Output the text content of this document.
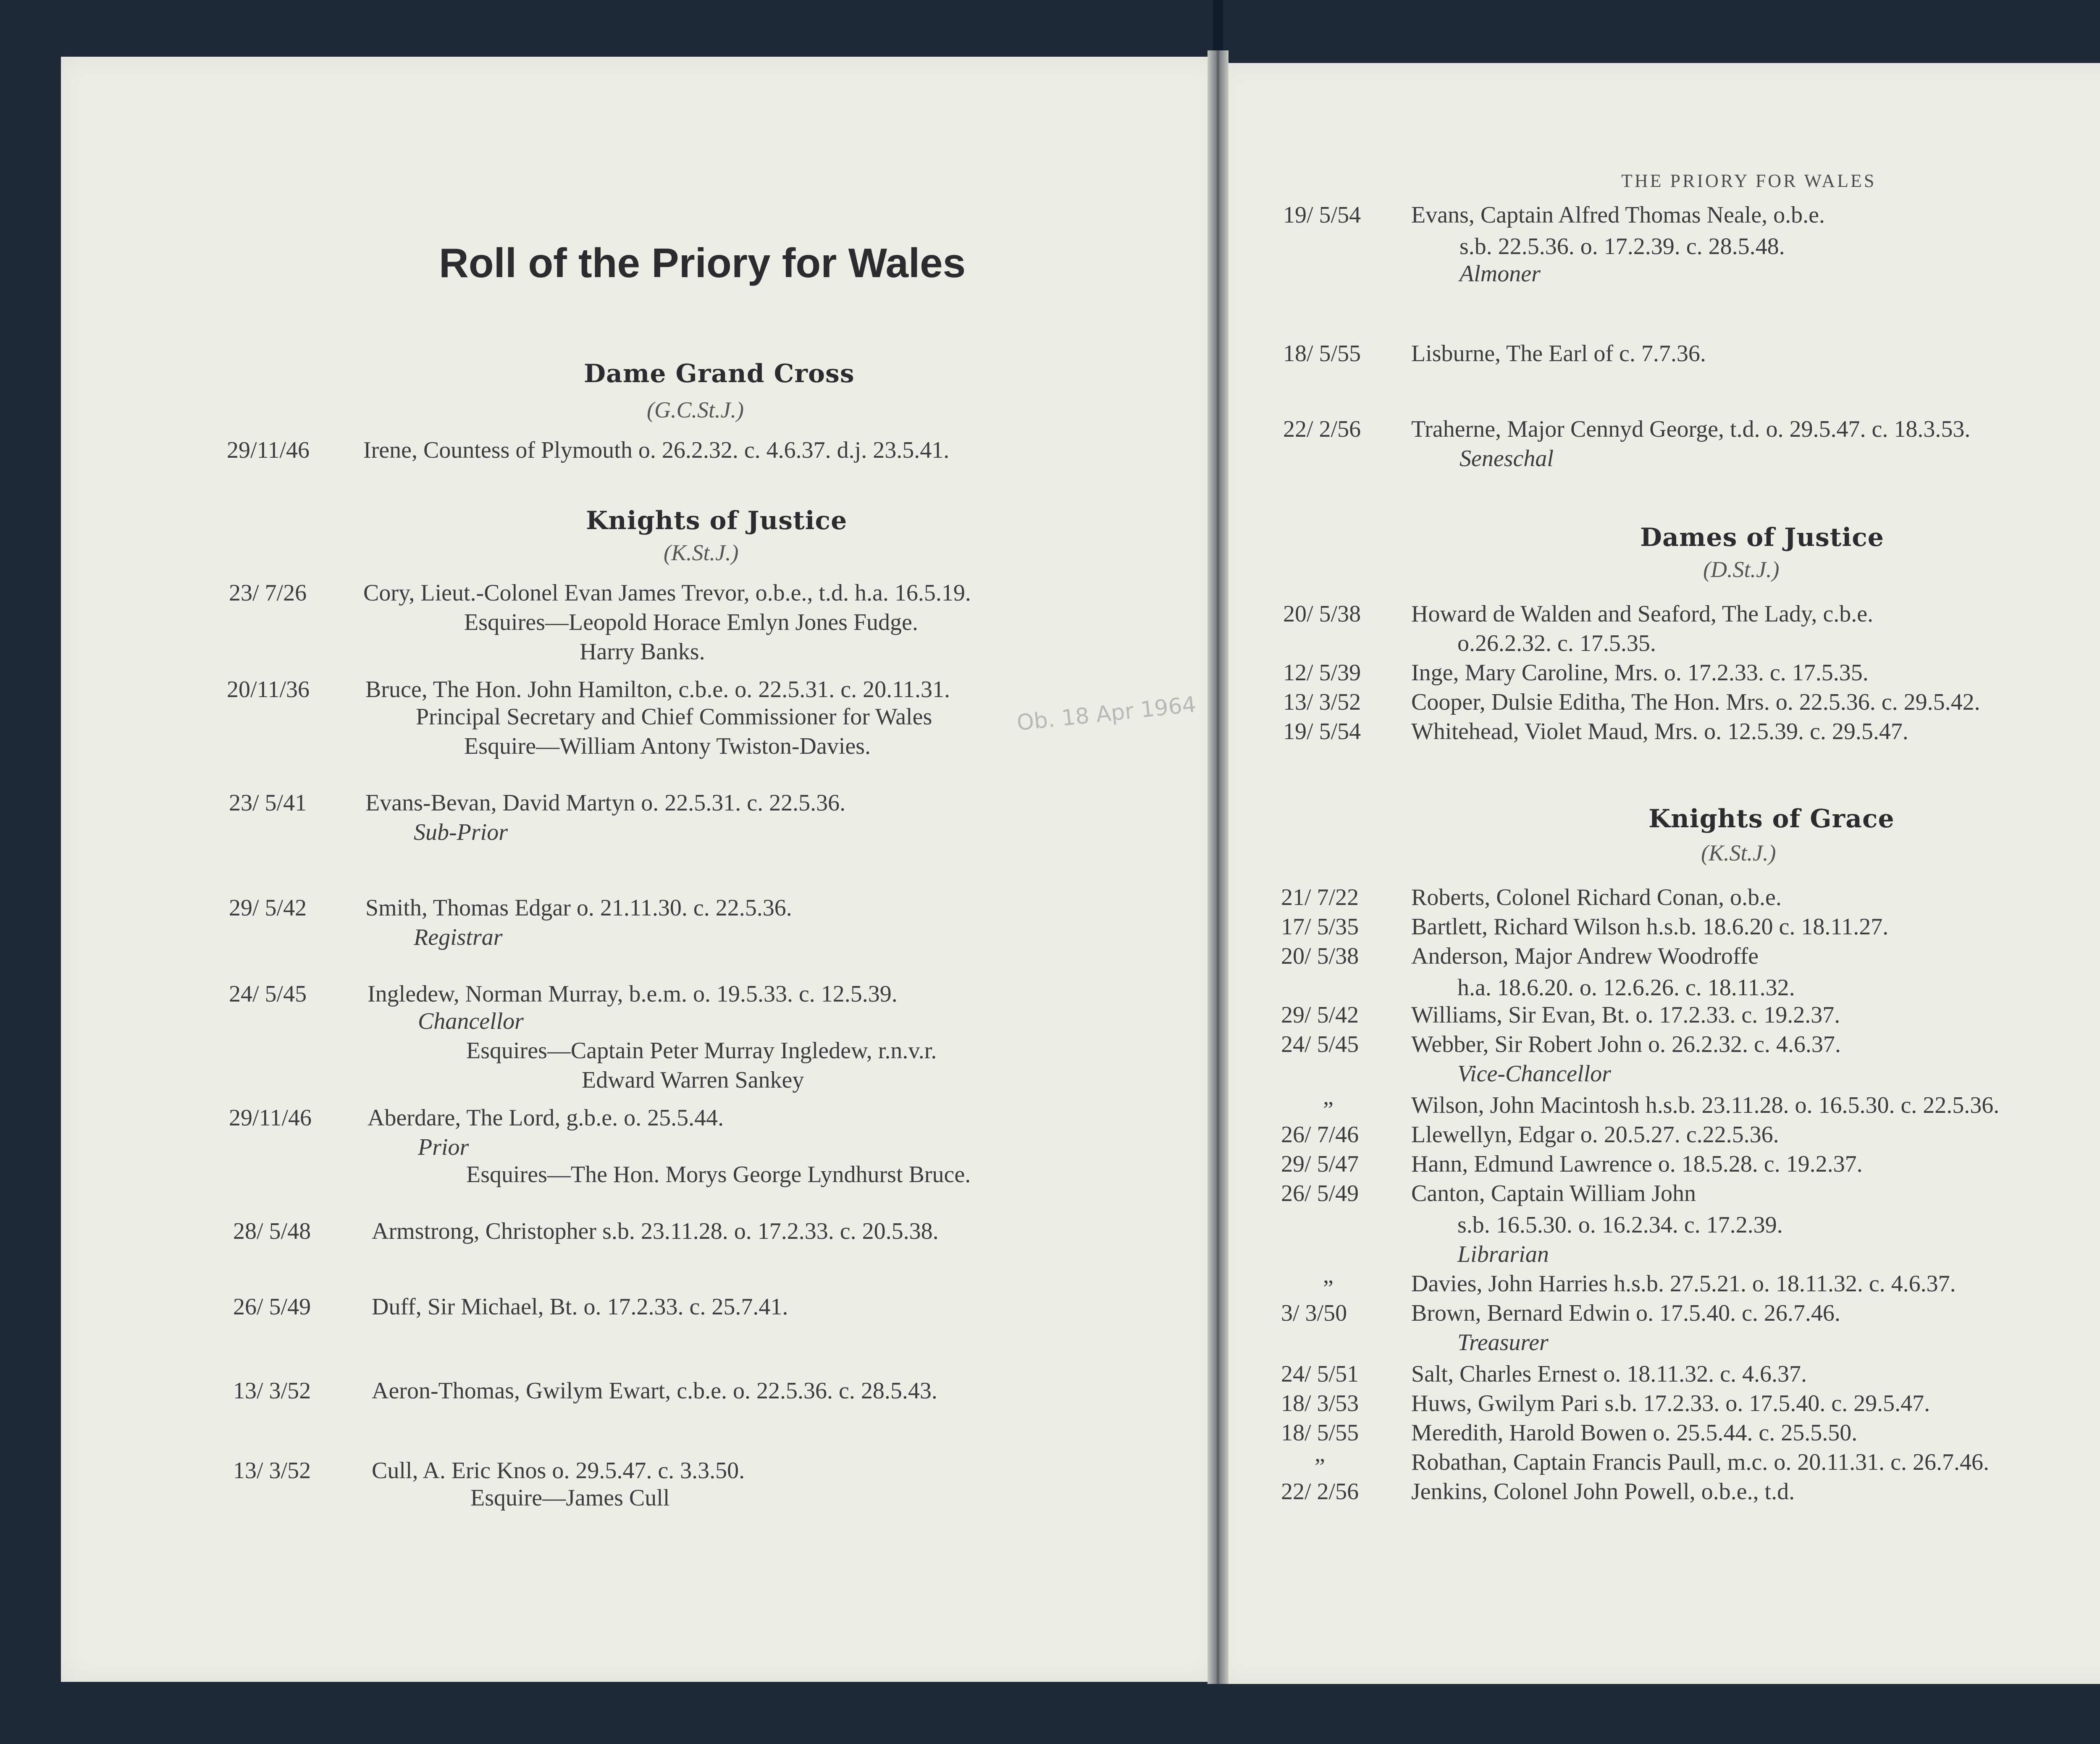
Roll of the Priory for Wales
Dame Grand Cross
(G.C.St.J.)
29/11/46 Irene, Countess of Plymouth o. 26.2.32. c. 4.6.37. d.j. 23.5.41.
Knights of Justice
(K.St.J.)
23/ 7/26 Cory, Lieut.-Colonel Evan James Trevor, o.b.e., t.d. h.a. 16.5.19.
Esquires—Leopold Horace Emlyn Jones Fudge.
Harry Banks.
20/11/36 Bruce, The Hon. John Hamilton, c.b.e. o. 22.5.31. c. 20.11.31.
Principal Secretary and Chief Commissioner for Wales	Ob. 18 Apr 1964
Esquire—William Antony Twiston-Davies.
23/ 5/41 Evans-Bevan, David Martyn o. 22.5.31. c. 22.5.36.
Sub-Prior
29/ 5/42 Smith, Thomas Edgar o. 21.11.30. c. 22.5.36.
Registrar
24/ 5/45	Ingledew, Norman Murray, b.e.m. o. 19.5.33. c. 12.5.39.
Chancellor
Esquires—Captain Peter Murray Ingledew, r.n.v.r.
Edward Warren Sankey
29/11/46 Aberdare, The Lord, g.b.e. o. 25.5.44.
Prior
Esquires—The Hon. Morys George Lyndhurst Bruce.
28/ 5/48	Armstrong, Christopher s.b. 23.11.28. o. 17.2.33. c. 20.5.38.
26/ 5/49	Duff, Sir Michael, Bt. o. 17.2.33. c. 25.7.41.
13/ 3/52	Aeron-Thomas, Gwilym Ewart, c.b.e. o. 22.5.36. c. 28.5.43.
13/ 3/52	Cull, A. Eric Knos o. 29.5.47. c. 3.3.50.
Esquire—James Cull
THE PRIORY FOR WALES
19/ 5/54 Evans, Captain Alfred Thomas Neale, o.b.e.
s.b. 22.5.36. o. 17.2.39. c. 28.5.48.
Almoner
18/ 5/55 Lisburne, The Earl of c. 7.7.36.
22/ 2/56 Traherne, Major Cennyd George, t.d. o. 29.5.47. c. 18.3.53.
Seneschal
Dames of Justice
(D.St.J.)
20/ 5/38 Howard de Walden and Seaford, The Lady, c.b.e.
o.26.2.32. c. 17.5.35.
12/ 5/39 Inge, Mary Caroline, Mrs. o. 17.2.33. c. 17.5.35.
13/ 3/52 Cooper, Dulsie Editha, The Hon. Mrs. o. 22.5.36. c. 29.5.42.
19/ 5/54 Whitehead, Violet Maud, Mrs. o. 12.5.39. c. 29.5.47.
Knights of Grace
(K.St.J.)
21/ 7/22 Roberts, Colonel Richard Conan, o.b.e.
17/ 5/35 Bartlett, Richard Wilson h.s.b. 18.6.20 c. 18.11.27.
20/ 5/38 Anderson, Major Andrew Woodroffe
h.a. 18.6.20. o. 12.6.26. c. 18.11.32.
29/ 5/42 Williams, Sir Evan, Bt. o. 17.2.33. c. 19.2.37.
24/ 5/45 Webber, Sir Robert John o. 26.2.32. c. 4.6.37.
Vice-Chancellor
„	Wilson, John Macintosh h.s.b. 23.11.28. o. 16.5.30. c. 22.5.36.
26/ 7/46 Llewellyn, Edgar o. 20.5.27. c.22.5.36.
29/ 5/47 Hann, Edmund Lawrence o. 18.5.28. c. 19.2.37.
26/ 5/49 Canton, Captain William John
s.b. 16.5.30. o. 16.2.34. c. 17.2.39.
Librarian
„	Davies, John Harries h.s.b. 27.5.21. o. 18.11.32. c. 4.6.37.
3/ 3/50	Brown, Bernard Edwin o. 17.5.40. c. 26.7.46.
Treasurer
24/ 5/51 Salt, Charles Ernest o. 18.11.32. c. 4.6.37.
18/ 3/53 Huws, Gwilym Pari s.b. 17.2.33. o. 17.5.40. c. 29.5.47.
18/ 5/55 Meredith, Harold Bowen o. 25.5.44. c. 25.5.50.
„	Robathan, Captain Francis Paull, m.c. o. 20.11.31. c. 26.7.46.
22/ 2/56 Jenkins, Colonel John Powell, o.b.e., t.d.
